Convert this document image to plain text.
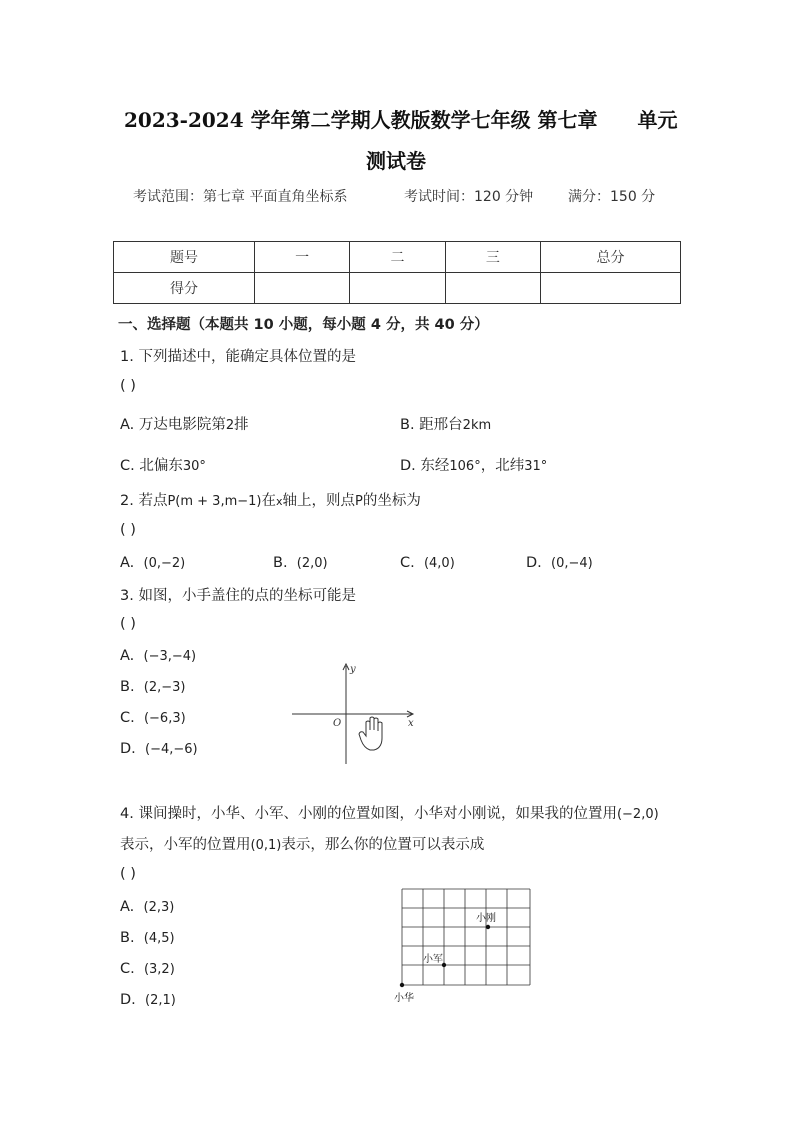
2023-2024 学年第二学期人教版数学七年级 第七章　　单元
测试卷
考试范围：第七章 平面直角坐标系	考试时间：120 分钟 满分：150 分
题号	一	二	三	总分
得分				
一、选择题（本题共 10 小题，每小题 4 分，共 40 分）
1. 下列描述中，能确定具体位置的是
( )
A. 万达电影院第2排	B. 距邢台2km
C. 北偏东30°	D. 东经106°，北纬31°
2. 若点P(m + 3,m−1)在x轴上，则点P的坐标为
( )
A. (0,−2)	B. (2,0)	C. (4,0)	D. (0,−4)
3. 如图，小手盖住的点的坐标可能是
( )
A. (−3,−4)
B. (2,−3)
C. (−6,3)
D. (−4,−6)
y
x
O
4. 课间操时，小华、小军、小刚的位置如图，小华对小刚说，如果我的位置用(−2,0)
表示，小军的位置用(0,1)表示，那么你的位置可以表示成
( )
A. (2,3)
B. (4,5)
C. (3,2)
D. (2,1)
小刚
小军
小华
